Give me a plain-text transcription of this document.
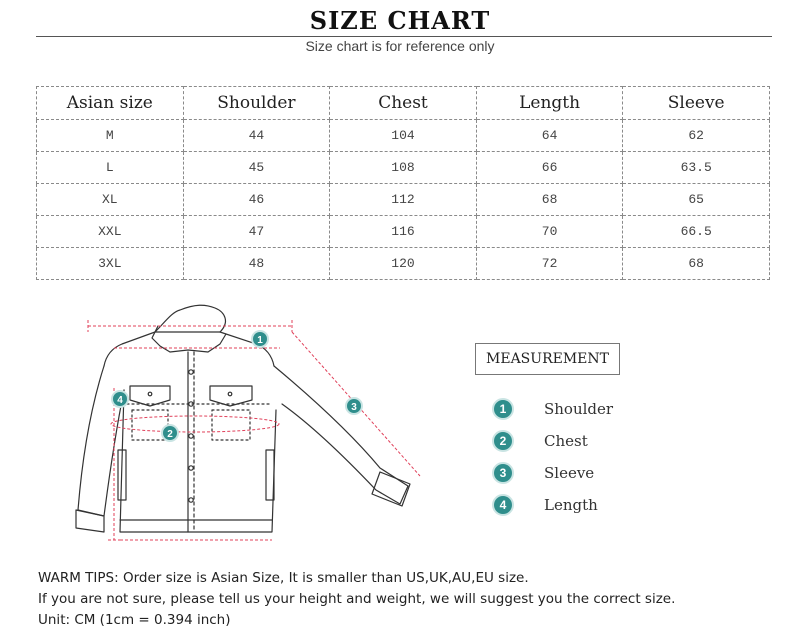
SIZE CHART
Size chart is for reference only
Asian size	Shoulder	Chest	Length	Sleeve
M	44	104	64	62
L	45	108	66	63.5
XL	46	112	68	65
XXL	47	116	70	66.5
3XL	48	120	72	68
1
2
3
4
MEASUREMENT
1	Shoulder
2	Chest
3	Sleeve
4	Length
WARM TIPS: Order size is Asian Size, It is smaller than US,UK,AU,EU size.
If you are not sure, please tell us your height and weight, we will suggest you the correct size.
Unit: CM (1cm = 0.394 inch)
